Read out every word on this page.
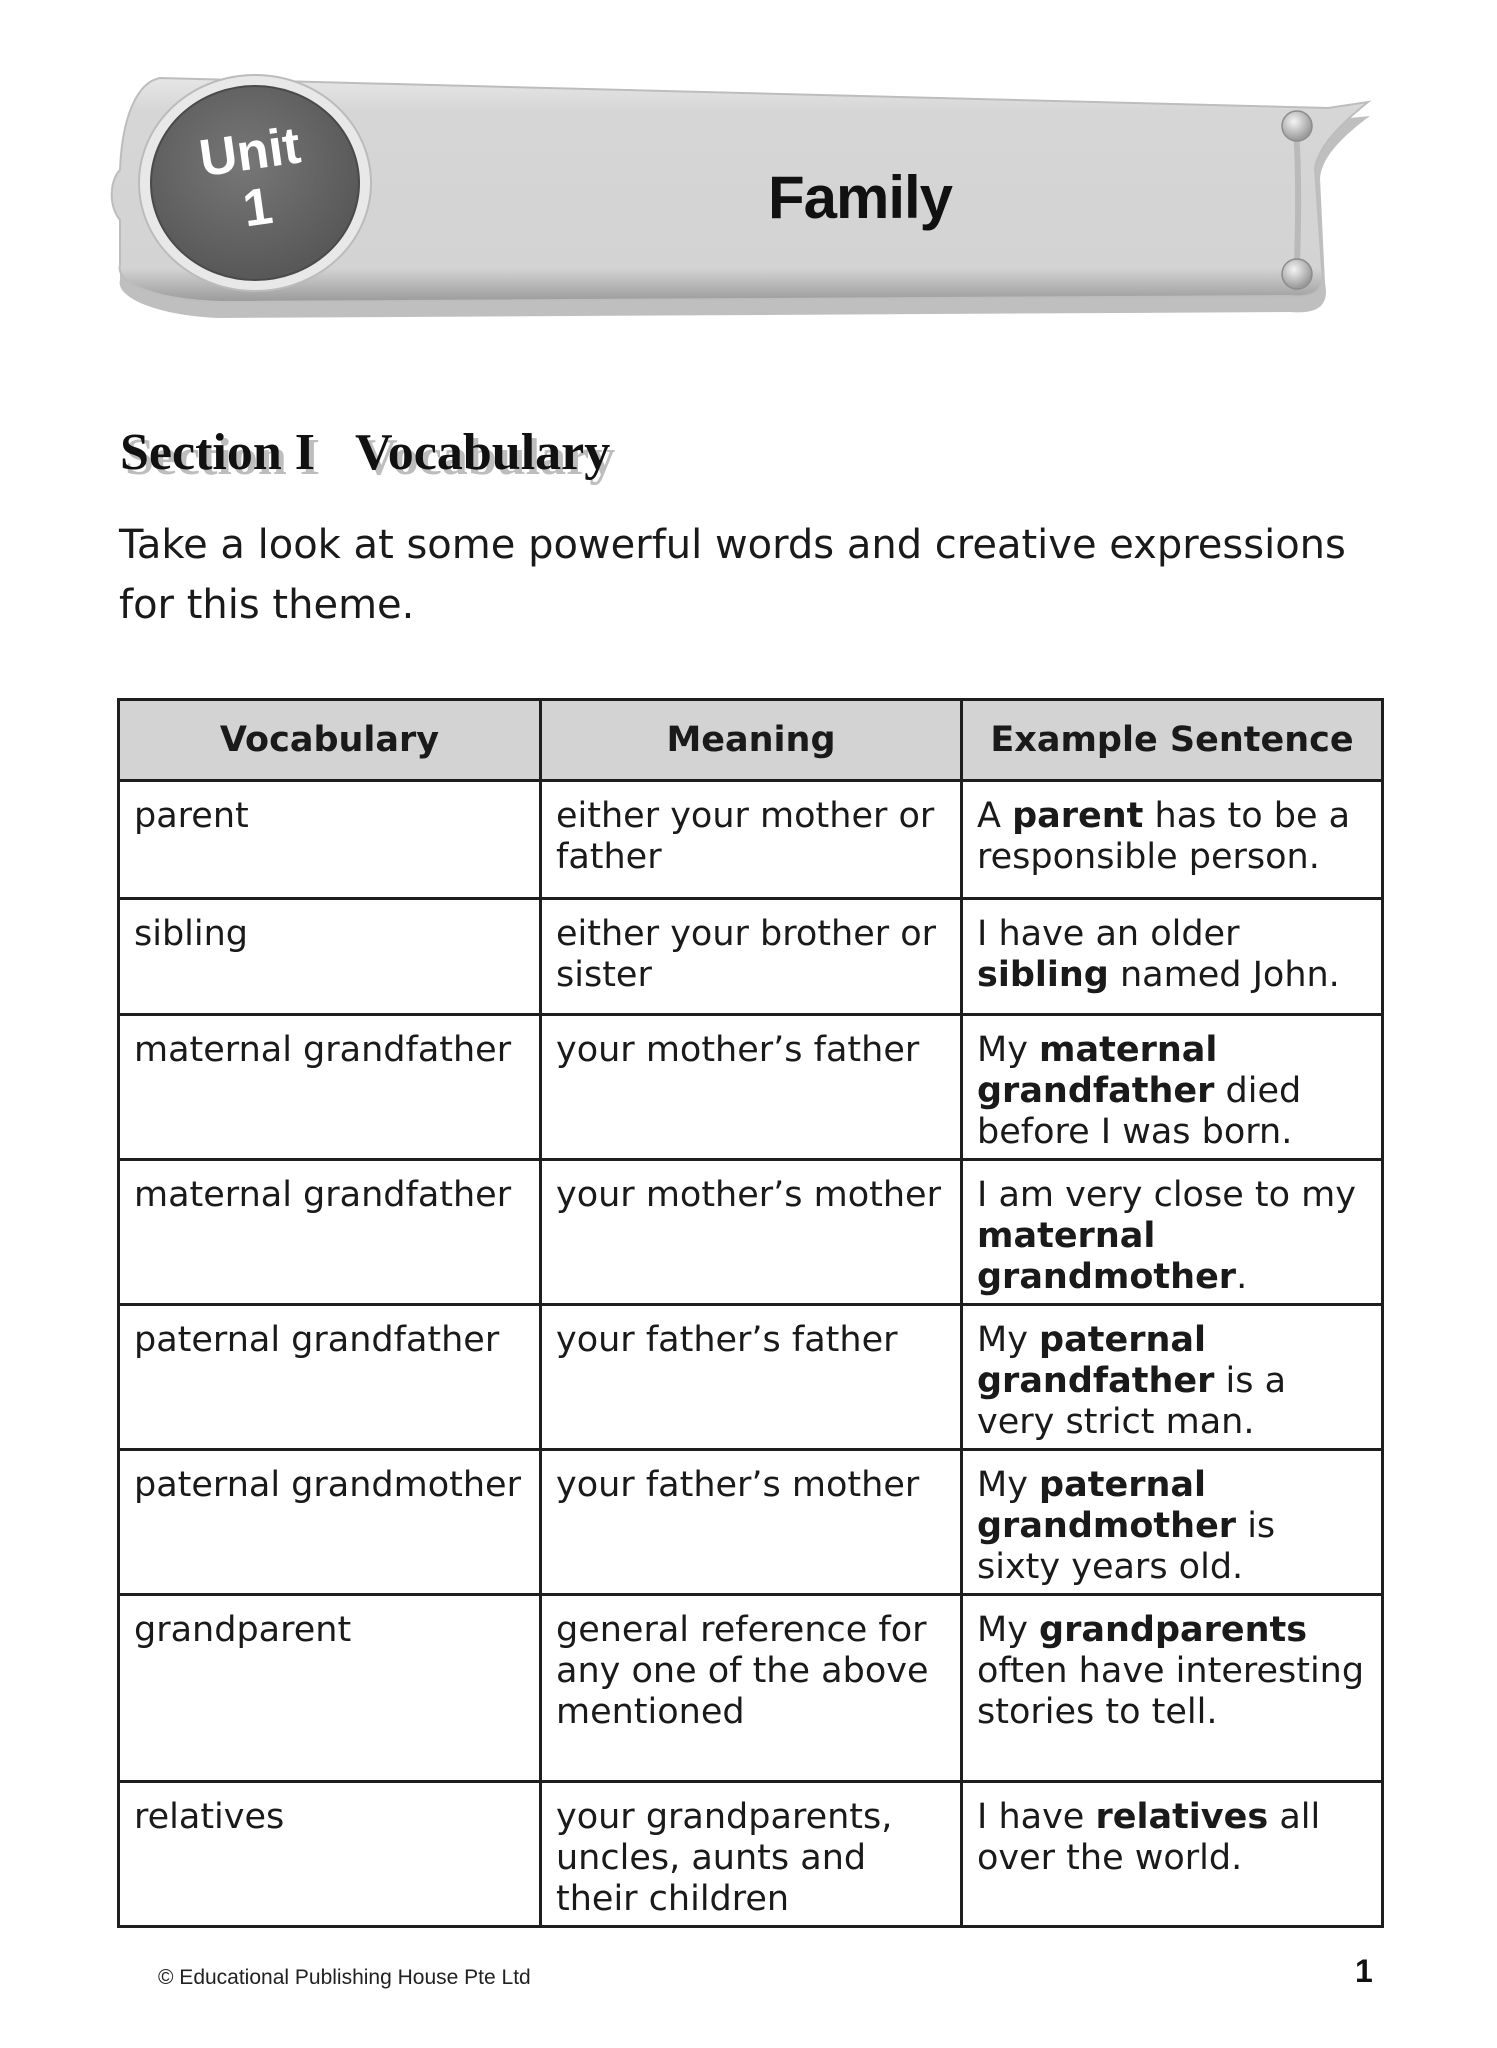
Unit
1	Family
Section I Vocabulary
Take a look at some powerful words and creative expressions for this theme.
Vocabulary	Meaning	Example Sentence
parent	either your mother or father	A parent has to be a responsible person.
sibling	either your brother or sister	I have an older sibling named John.
maternal grandfather	your mother’s father	My maternal grandfather died before I was born.
maternal grandfather	your mother’s mother	I am very close to my maternal grandmother.
paternal grandfather	your father’s father	My paternal grandfather is a very strict man.
paternal grandmother	your father’s mother	My paternal grandmother is sixty years old.
grandparent	general reference for any one of the above mentioned	My grandparents often have interesting stories to tell.
relatives	your grandparents, uncles, aunts and their children	I have relatives all over the world.
© Educational Publishing House Pte Ltd	1
